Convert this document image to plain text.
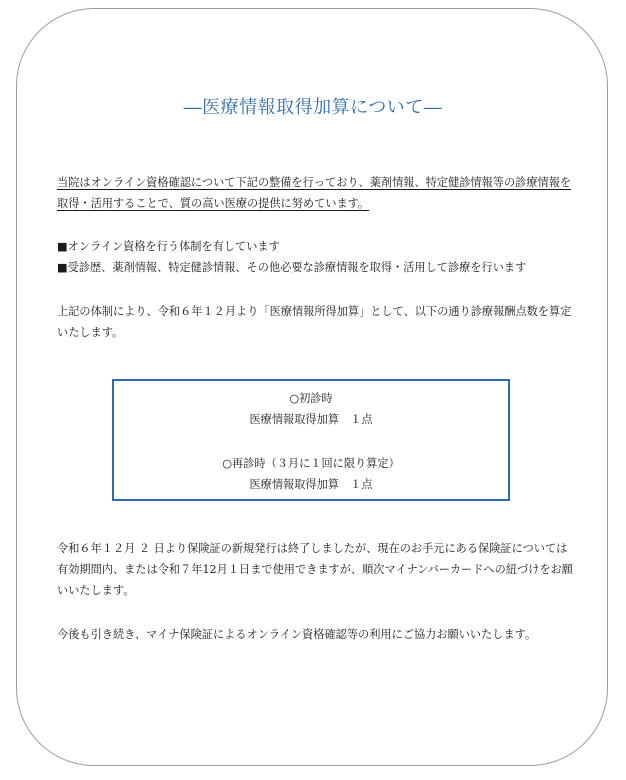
―医療情報取得加算について―

当院はオンライン資格確認について下記の整備を行っており、薬剤情報、特定健診情報等の診療情報を取得・活用することで、質の高い医療の提供に努めています。

■オンライン資格を行う体制を有しています
■受診歴、薬剤情報、特定健診情報、その他必要な診療情報を取得・活用して診療を行います

上記の体制により、令和６年１２月より「医療情報所得加算」として、以下の通り診療報酬点数を算定いたします。

○初診時
医療情報取得加算　１点
○再診時（３月に１回に限り算定）
医療情報取得加算　１点

令和６年１２月 ２ 日より保険証の新規発行は終了しましたが、現在のお手元にある保険証については有効期間内、または令和７年12月１日まで使用できますが、順次マイナンバーカードへの紐づけをお願いいたします。

今後も引き続き、マイナ保険証によるオンライン資格確認等の利用にご協力お願いいたします。
